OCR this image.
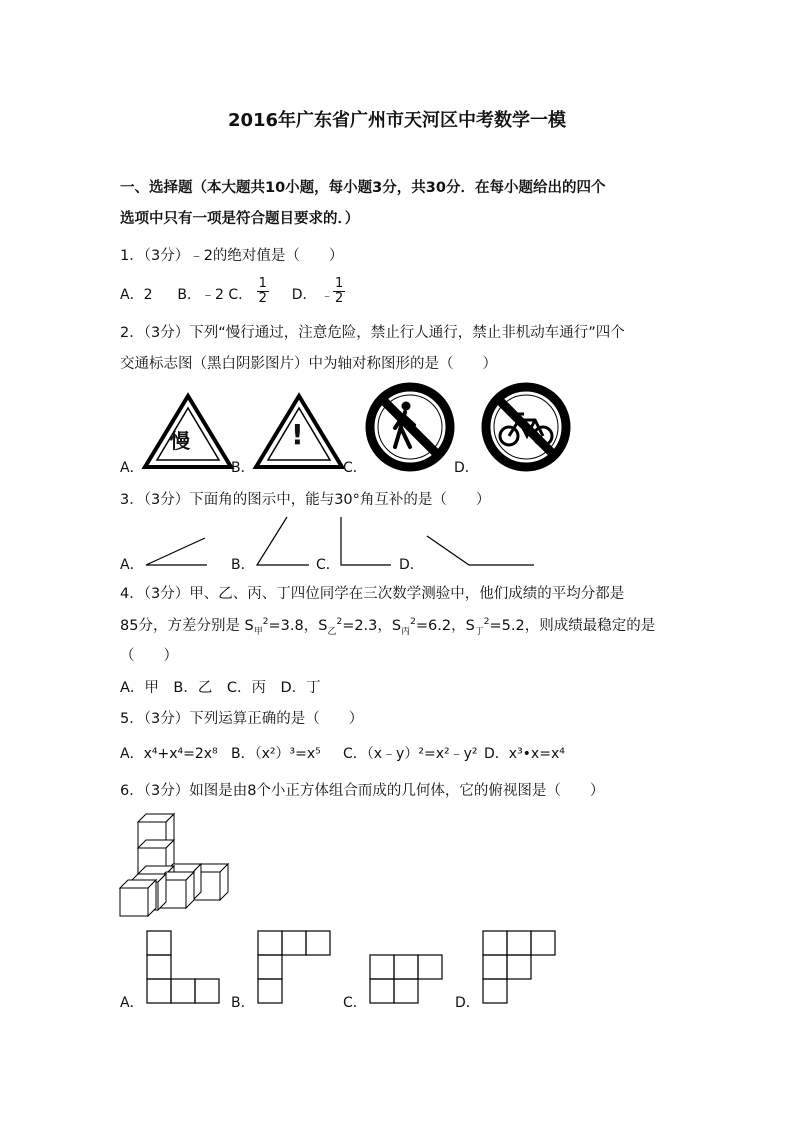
2016年广东省广州市天河区中考数学一模
一、选择题（本大题共10小题，每小题3分，共30分．在每小题给出的四个
选项中只有一项是符合题目要求的．）
1．（3分）﹣2的绝对值是（　　）
A．2 B．﹣2 C． $\frac{1}{2}$ D． ﹣ $\frac{1}{2}$
2．（3分）下列“慢行通过，注意危险，禁止行人通行，禁止非机动车通行”四个
交通标志图（黑白阴影图片）中为轴对称图形的是（　　）
慢	!
A．	B．	C．	D．
3．（3分）下面角的图示中，能与30°角互补的是（　　）
A．	B．	C．	D．
4．（3分）甲、乙、丙、丁四位同学在三次数学测验中，他们成绩的平均分都是
85分，方差分别是 $S_甲^2=3.8$，$S_乙^2=2.3$，$S_丙^2=6.2$，$S_丁^2=5.2$，则成绩最稳定的是
（　　）
A．甲　B．乙　C．丙　D．丁
5．（3分）下列运算正确的是（　　）
A．x⁴+x⁴=2x⁸ B．（x²）³=x⁵ C．（x﹣y）²=x²﹣y² D．x³•x=x⁴
6．（3分）如图是由8个小正方体组合而成的几何体，它的俯视图是（　　）
A．	B．	C．	D．
